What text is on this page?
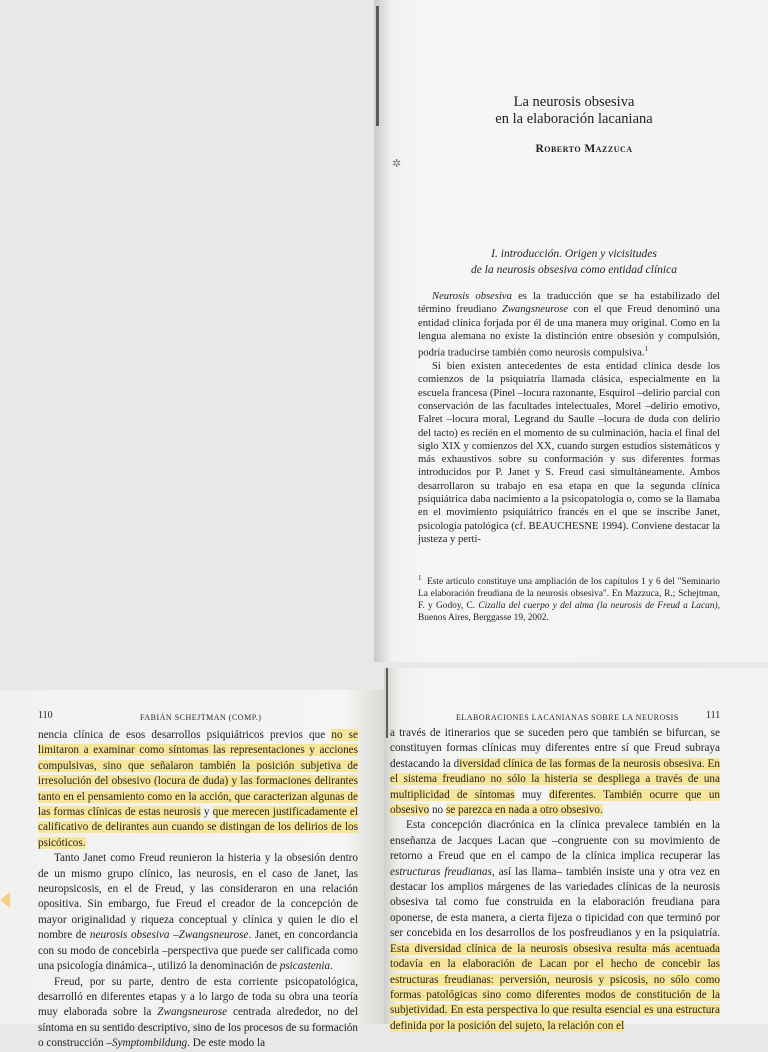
La neurosis obsesiva
en la elaboración lacaniana
Roberto Mazzuca
✲
I. introducción. Origen y vicisitudes
de la neurosis obsesiva como entidad clínica
Neurosis obsesiva es la traducción que se ha estabilizado del término freudiano Zwangsneurose con el que Freud denominó una entidad clínica forjada por él de una manera muy original. Como en la lengua alemana no existe la distinción entre obsesión y compulsión, podría traducirse también como neurosis compulsiva.$^1$
Si bien existen antecedentes de esta entidad clínica desde los comienzos de la psiquiatría llamada clásica, especialmente en la escuela francesa (Pinel –locura razonante, Esquirol –delirio parcial con conservación de las facultades intelectuales, Morel –delirio emotivo, Falret –locura moral, Legrand du Saulle –locura de duda con delirio del tacto) es recién en el momento de su culminación, hacia el final del siglo XIX y comienzos del XX, cuando surgen estudios sistemáticos y más exhaustivos sobre su conformación y sus diferentes formas introducidos por P. Janet y S. Freud casi simultáneamente. Ambos desarrollaron su trabajo en esa etapa en que la segunda clínica psiquiátrica daba nacimiento a la psicopatología o, como se la llamaba en el movimiento psiquiátrico francés en el que se inscribe Janet, psicología patológica (cf. BEAUCHESNE 1994). Conviene destacar la justeza y perti-
$^1$ Este artículo constituye una ampliación de los capítulos 1 y 6 del "Seminario La elaboración freudiana de la neurosis obsesiva". En Mazzuca, R.; Schejtman, F. y Godoy, C. Cizalla del cuerpo y del alma (la neurosis de Freud a Lacan), Buenos Aires, Berggasse 19, 2002.
110	FABIÁN SCHEJTMAN (COMP.)

nencia clínica de esos desarrollos psiquiátricos previos que no se limitaron a examinar como síntomas las representaciones y acciones compulsivas, sino que señalaron también la posición subjetiva de irresolución del obsesivo (locura de duda) y las formaciones delirantes tanto en el pensamiento como en la acción, que caracterizan algunas de las formas clínicas de estas neurosis y que merecen justificadamente el calificativo de delirantes aun cuando se distingan de los delirios de los psicóticos.

Tanto Janet como Freud reunieron la histeria y la obsesión dentro de un mismo grupo clínico, las neurosis, en el caso de Janet, las neuropsicosis, en el de Freud, y las consideraron en una relación opositiva. Sin embargo, fue Freud el creador de la concepción de mayor originalidad y riqueza conceptual y clínica y quien le dio el nombre de neurosis obsesiva –Zwangsneurose. Janet, en concordancia con su modo de concebirla –perspectiva que puede ser calificada como una psicología dinámica–, utilizó la denominación de psicastenia.

Freud, por su parte, dentro de esta corriente psicopatológica, desarrolló en diferentes etapas y a lo largo de toda su obra una teoría muy elaborada sobre la Zwangsneurose centrada alrededor, no del síntoma en su sentido descriptivo, sino de los procesos de su formación o construcción –Symptombildung. De este modo la

ELABORACIONES LACANIANAS SOBRE LA NEUROSIS	111

a través de itinerarios que se suceden pero que también se bifurcan, se constituyen formas clínicas muy diferentes entre sí que Freud subraya destacando la diversidad clínica de las formas de la neurosis obsesiva. En el sistema freudiano no sólo la histeria se despliega a través de una multiplicidad de síntomas muy diferentes. También ocurre que un obsesivo no se parezca en nada a otro obsesivo.

Esta concepción diacrónica en la clínica prevalece también en la enseñanza de Jacques Lacan que –congruente con su movimiento de retorno a Freud que en el campo de la clínica implica recuperar las estructuras freudianas, así las llama– también insiste una y otra vez en destacar los amplios márgenes de las variedades clínicas de la neurosis obsesiva tal como fue construida en la elaboración freudiana para oponerse, de esta manera, a cierta fijeza o tipicidad con que terminó por ser concebida en los desarrollos de los posfreudianos y en la psiquiatría. Esta diversidad clínica de la neurosis obsesiva resulta más acentuada todavía en la elaboración de Lacan por el hecho de concebir las estructuras freudianas: perversión, neurosis y psicosis, no sólo como formas patológicas sino como diferentes modos de constitución de la subjetividad. En esta perspectiva lo que resulta esencial es una estructura definida por la posición del sujeto, la relación con el
